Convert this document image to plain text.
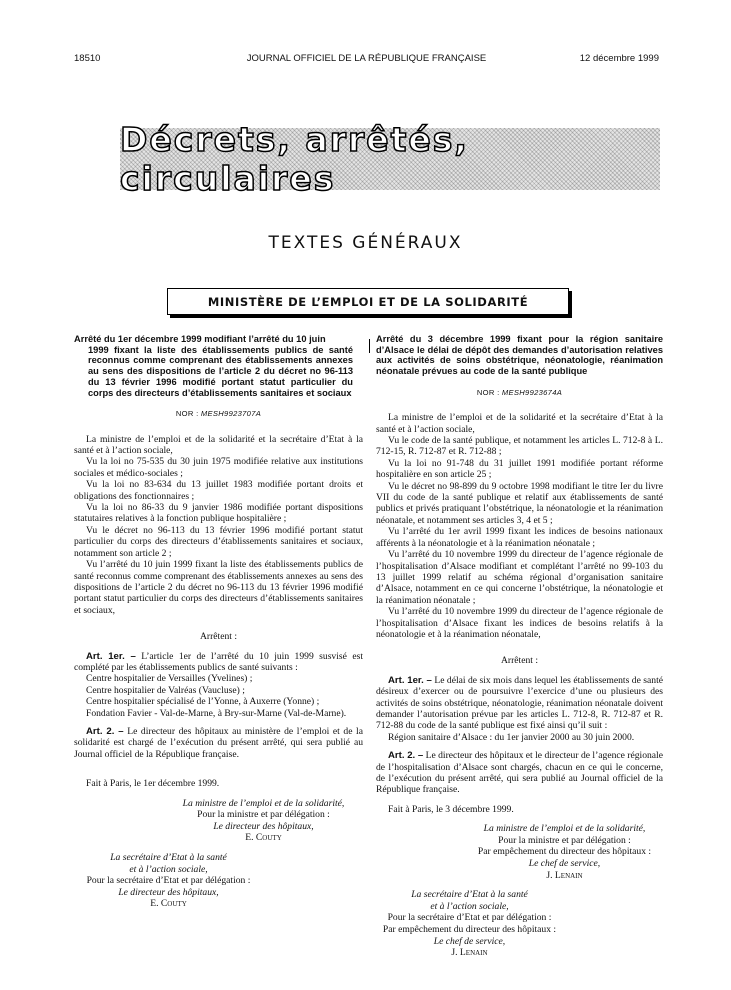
18510	JOURNAL OFFICIEL DE LA RÉPUBLIQUE FRANÇAISE	12 décembre 1999
Décrets, arrêtés, circulaires
TEXTES GÉNÉRAUX
MINISTÈRE DE L’EMPLOI ET DE LA SOLIDARITÉ
Arrêté du 1er décembre 1999 modifiant l’arrêté du 10 juin
1999 fixant la liste des établissements publics de santé reconnus comme comprenant des établissements annexes au sens des dispositions de l’article 2 du décret no 96-113 du 13 février 1996 modifié portant statut particulier du corps des directeurs d’établissements sanitaires et sociaux
NOR : MESH9923707A

La ministre de l’emploi et de la solidarité et la secrétaire d’Etat à la santé et à l’action sociale,

Vu la loi no 75-535 du 30 juin 1975 modifiée relative aux institutions sociales et médico-sociales ;

Vu la loi no 83-634 du 13 juillet 1983 modifiée portant droits et obligations des fonctionnaires ;

Vu la loi no 86-33 du 9 janvier 1986 modifiée portant dispositions statutaires relatives à la fonction publique hospitalière ;

Vu le décret no 96-113 du 13 février 1996 modifié portant statut particulier du corps des directeurs d’établissements sanitaires et sociaux, notamment son article 2 ;

Vu l’arrêté du 10 juin 1999 fixant la liste des établissements publics de santé reconnus comme comprenant des établissements annexes au sens des dispositions de l’article 2 du décret no 96-113 du 13 février 1996 modifié portant statut particulier du corps des directeurs d’établissements sanitaires et sociaux,

Arrêtent :

Art. 1er. – L’article 1er de l’arrêté du 10 juin 1999 susvisé est complété par les établissements publics de santé suivants :

Centre hospitalier de Versailles (Yvelines) ;

Centre hospitalier de Valréas (Vaucluse) ;

Centre hospitalier spécialisé de l’Yonne, à Auxerre (Yonne) ;

Fondation Favier - Val-de-Marne, à Bry-sur-Marne (Val-de-Marne).

Art. 2. – Le directeur des hôpitaux au ministère de l’emploi et de la solidarité est chargé de l’exécution du présent arrêté, qui sera publié au Journal officiel de la République française.

Fait à Paris, le 1er décembre 1999.
La ministre de l’emploi et de la solidarité,
Pour la ministre et par délégation :
Le directeur des hôpitaux,
E. Couty
La secrétaire d’Etat à la santé
et à l’action sociale,
Pour la secrétaire d’Etat et par délégation :
Le directeur des hôpitaux,
E. Couty
Arrêté du 3 décembre 1999 fixant pour la région sanitaire d’Alsace le délai de dépôt des demandes d’autorisation relatives aux activités de soins obstétrique, néonatologie, réanimation néonatale prévues au code de la santé publique
NOR : MESH9923674A

La ministre de l’emploi et de la solidarité et la secrétaire d’Etat à la santé et à l’action sociale,

Vu le code de la santé publique, et notamment les articles L. 712-8 à L. 712-15, R. 712-87 et R. 712-88 ;

Vu la loi no 91-748 du 31 juillet 1991 modifiée portant réforme hospitalière en son article 25 ;

Vu le décret no 98-899 du 9 octobre 1998 modifiant le titre Ier du livre VII du code de la santé publique et relatif aux établissements de santé publics et privés pratiquant l’obstétrique, la néonatologie et la réanimation néonatale, et notamment ses articles 3, 4 et 5 ;

Vu l’arrêté du 1er avril 1999 fixant les indices de besoins nationaux afférents à la néonatologie et à la réanimation néonatale ;

Vu l’arrêté du 10 novembre 1999 du directeur de l’agence régionale de l’hospitalisation d’Alsace modifiant et complétant l’arrêté no 99-103 du 13 juillet 1999 relatif au schéma régional d’organisation sanitaire d’Alsace, notamment en ce qui concerne l’obstétrique, la néonatologie et la réanimation néonatale ;

Vu l’arrêté du 10 novembre 1999 du directeur de l’agence régionale de l’hospitalisation d’Alsace fixant les indices de besoins relatifs à la néonatologie et à la réanimation néonatale,

Arrêtent :

Art. 1er. – Le délai de six mois dans lequel les établissements de santé désireux d’exercer ou de poursuivre l’exercice d’une ou plusieurs des activités de soins obstétrique, néonatologie, réanimation néonatale doivent demander l’autorisation prévue par les articles L. 712-8, R. 712-87 et R. 712-88 du code de la santé publique est fixé ainsi qu’il suit :

Région sanitaire d’Alsace : du 1er janvier 2000 au 30 juin 2000.

Art. 2. – Le directeur des hôpitaux et le directeur de l’agence régionale de l’hospitalisation d’Alsace sont chargés, chacun en ce qui le concerne, de l’exécution du présent arrêté, qui sera publié au Journal officiel de la République française.

Fait à Paris, le 3 décembre 1999.
La ministre de l’emploi et de la solidarité,
Pour la ministre et par délégation :
Par empêchement du directeur des hôpitaux :
Le chef de service,
J. Lenain
La secrétaire d’Etat à la santé
et à l’action sociale,
Pour la secrétaire d’Etat et par délégation :
Par empêchement du directeur des hôpitaux :
Le chef de service,
J. Lenain
